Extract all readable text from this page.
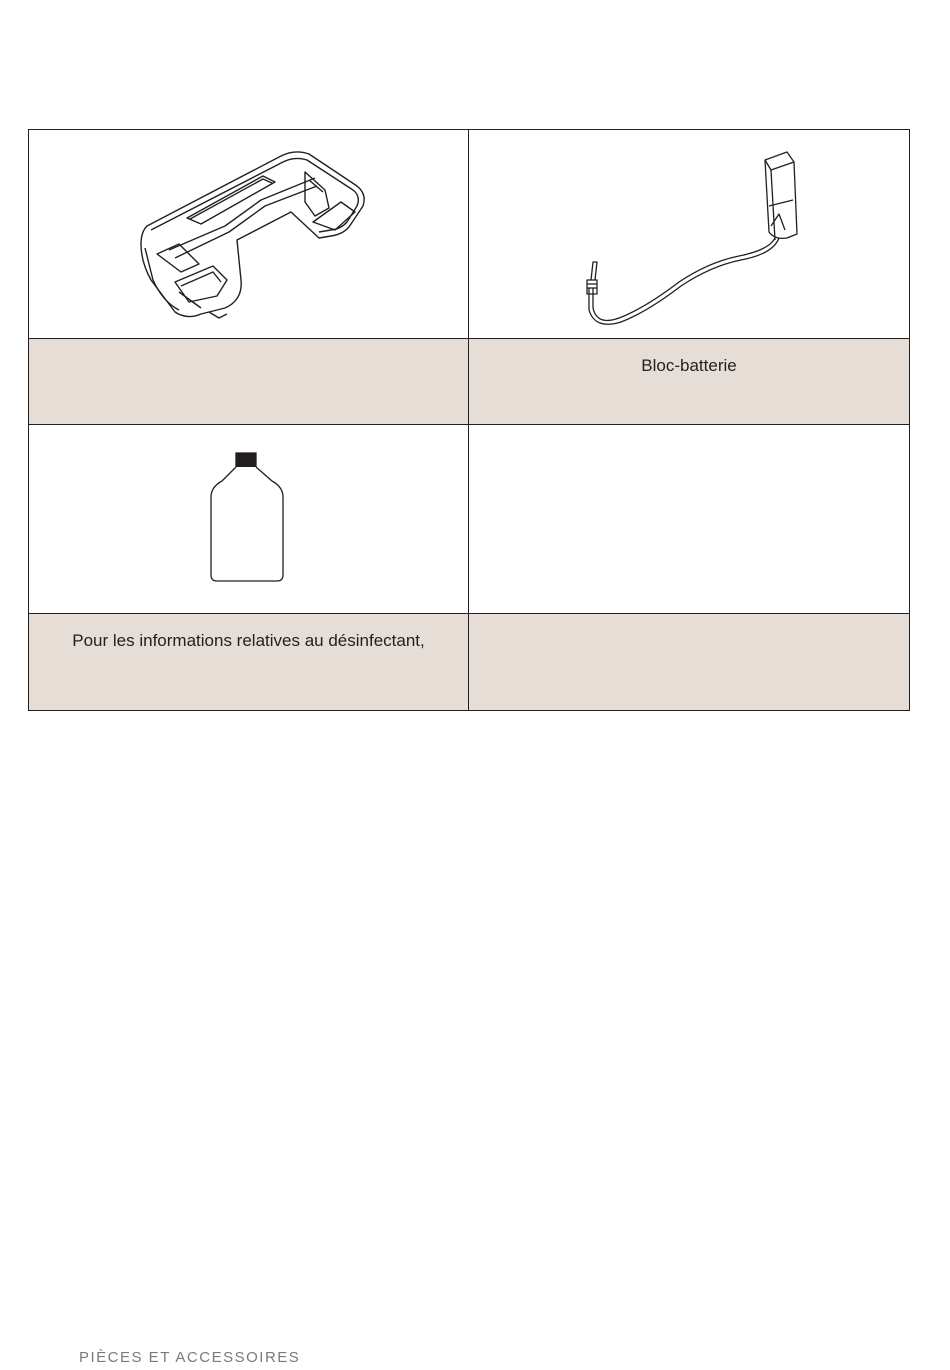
	Bloc-batterie

Pour les informations relatives au désinfectant,	

PIÈCES ET ACCESSOIRES
